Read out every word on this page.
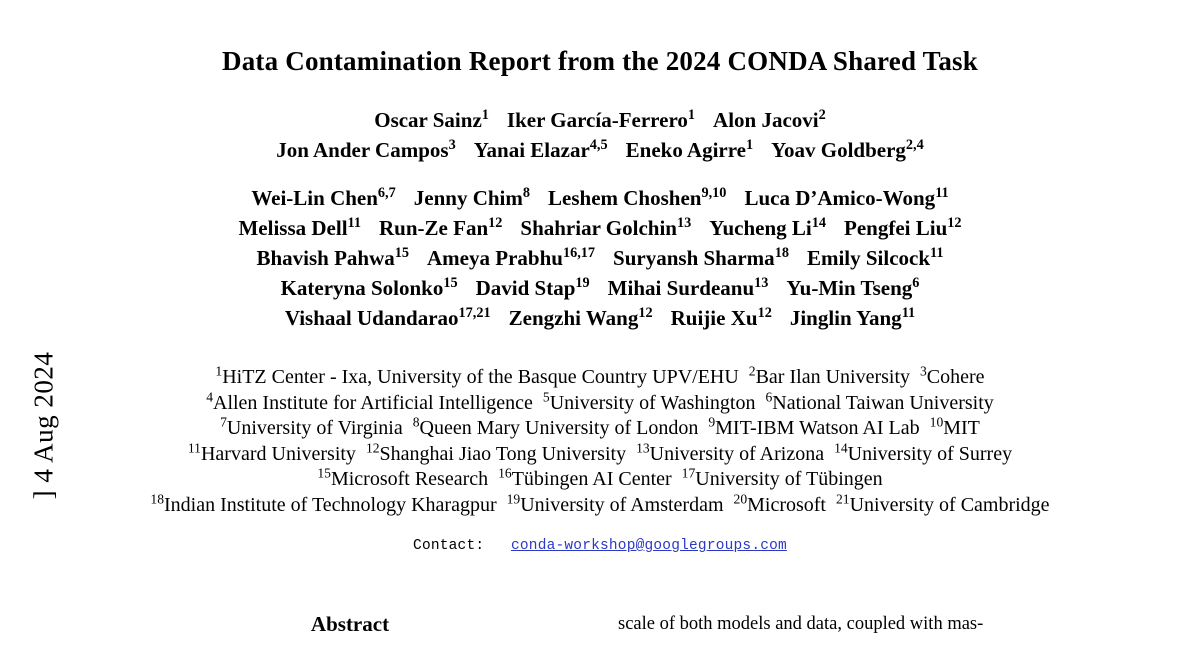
] 4 Aug 2024
Data Contamination Report from the 2024 CONDA Shared Task
Oscar Sainz$^1$ Iker García-Ferrero$^1$ Alon Jacovi$^2$
Jon Ander Campos$^3$ Yanai Elazar$^{4,5}$ Eneko Agirre$^1$ Yoav Goldberg$^{2,4}$
Wei-Lin Chen$^{6,7}$ Jenny Chim$^8$ Leshem Choshen$^{9,10}$ Luca D’Amico-Wong$^{11}$
Melissa Dell$^{11}$ Run-Ze Fan$^{12}$ Shahriar Golchin$^{13}$ Yucheng Li$^{14}$ Pengfei Liu$^{12}$
Bhavish Pahwa$^{15}$ Ameya Prabhu$^{16,17}$ Suryansh Sharma$^{18}$ Emily Silcock$^{11}$
Kateryna Solonko$^{15}$ David Stap$^{19}$ Mihai Surdeanu$^{13}$ Yu-Min Tseng$^6$
Vishaal Udandarao$^{17,21}$ Zengzhi Wang$^{12}$ Ruijie Xu$^{12}$ Jinglin Yang$^{11}$
$^1$HiTZ Center - Ixa, University of the Basque Country UPV/EHU $^2$Bar Ilan University $^3$Cohere
$^4$Allen Institute for Artificial Intelligence $^5$University of Washington $^6$National Taiwan University
$^7$University of Virginia $^8$Queen Mary University of London $^9$MIT-IBM Watson AI Lab $^{10}$MIT
$^{11}$Harvard University $^{12}$Shanghai Jiao Tong University $^{13}$University of Arizona $^{14}$University of Surrey
$^{15}$Microsoft Research $^{16}$Tübingen AI Center $^{17}$University of Tübingen
$^{18}$Indian Institute of Technology Kharagpur $^{19}$University of Amsterdam $^{20}$Microsoft $^{21}$University of Cambridge
Contact: conda-workshop@googlegroups.com
Abstract	scale of both models and data, coupled with mas-
